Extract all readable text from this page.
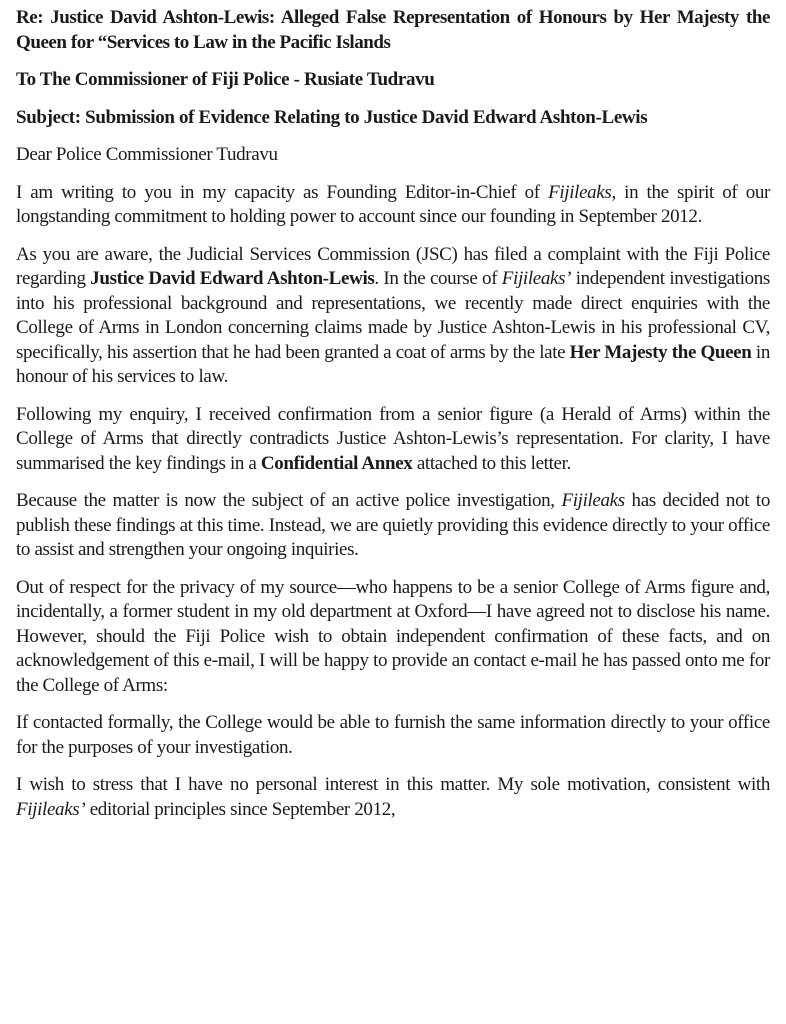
Re: Justice David Ashton-Lewis: Alleged False Representation of Honours by Her Majesty the Queen for “Services to Law in the Pacific Islands

To The Commissioner of Fiji Police - Rusiate Tudravu

Subject: Submission of Evidence Relating to Justice David Edward Ashton-Lewis

Dear Police Commissioner Tudravu

I am writing to you in my capacity as Founding Editor-in-Chief of Fijileaks, in the spirit of our longstanding commitment to holding power to account since our founding in September 2012.

As you are aware, the Judicial Services Commission (JSC) has filed a complaint with the Fiji Police regarding Justice David Edward Ashton-Lewis. In the course of Fijileaks’ independent investigations into his professional background and representations, we recently made direct enquiries with the College of Arms in London concerning claims made by Justice Ashton-Lewis in his professional CV, specifically, his assertion that he had been granted a coat of arms by the late Her Majesty the Queen in honour of his services to law.

Following my enquiry, I received confirmation from a senior figure (a Herald of Arms) within the College of Arms that directly contradicts Justice Ashton-Lewis’s representation. For clarity, I have summarised the key findings in a Confidential Annex attached to this letter.

Because the matter is now the subject of an active police investigation, Fijileaks has decided not to publish these findings at this time. Instead, we are quietly providing this evidence directly to your office to assist and strengthen your ongoing inquiries.

Out of respect for the privacy of my source—who happens to be a senior College of Arms figure and, incidentally, a former student in my old department at Oxford—I have agreed not to disclose his name. However, should the Fiji Police wish to obtain independent confirmation of these facts, and on acknowledgement of this e-mail, I will be happy to provide an contact e-mail he has passed onto me for the College of Arms:

If contacted formally, the College would be able to furnish the same information directly to your office for the purposes of your investigation.

I wish to stress that I have no personal interest in this matter. My sole motivation, consistent with Fijileaks’ editorial principles since September 2012,
